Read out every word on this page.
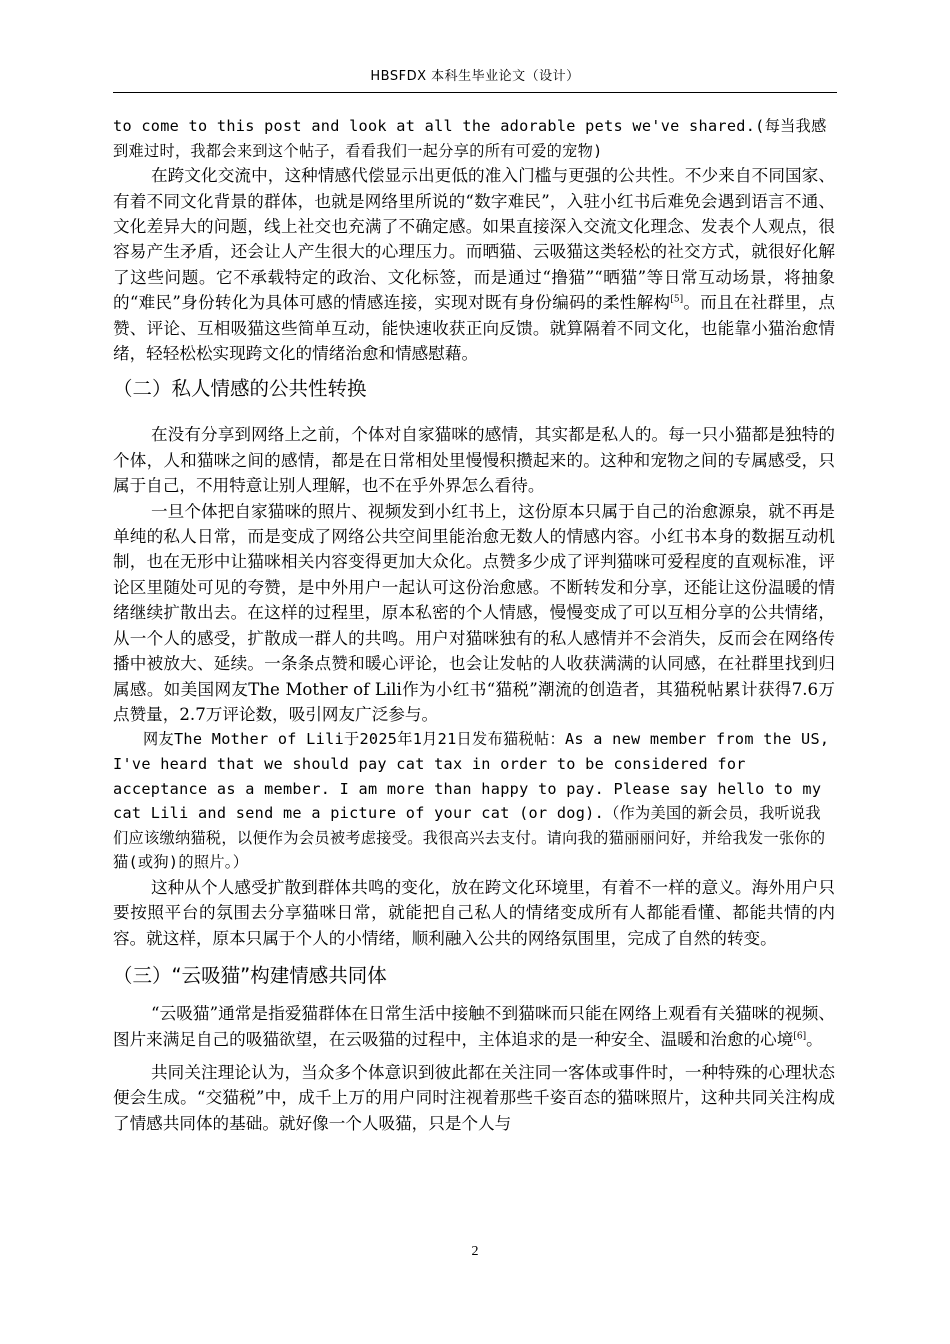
HBSFDX 本科生毕业论文（设计）

to come to this post and look at all the adorable pets we've shared.(每当我感到难过时，我都会来到这个帖子，看看我们一起分享的所有可爱的宠物)

在跨文化交流中，这种情感代偿显示出更低的准入门槛与更强的公共性。不少来自不同国家、有着不同文化背景的群体，也就是网络里所说的“数字难民”，入驻小红书后难免会遇到语言不通、文化差异大的问题，线上社交也充满了不确定感。如果直接深入交流文化理念、发表个人观点，很容易产生矛盾，还会让人产生很大的心理压力。而晒猫、云吸猫这类轻松的社交方式，就很好化解了这些问题。它不承载特定的政治、文化标签，而是通过“撸猫”“晒猫”等日常互动场景，将抽象的“难民”身份转化为具体可感的情感连接，实现对既有身份编码的柔性解构[5]。而且在社群里，点赞、评论、互相吸猫这些简单互动，能快速收获正向反馈。就算隔着不同文化，也能靠小猫治愈情绪，轻轻松松实现跨文化的情绪治愈和情感慰藉。

（二）私人情感的公共性转换

在没有分享到网络上之前，个体对自家猫咪的感情，其实都是私人的。每一只小猫都是独特的个体，人和猫咪之间的感情，都是在日常相处里慢慢积攒起来的。这种和宠物之间的专属感受，只属于自己，不用特意让别人理解，也不在乎外界怎么看待。

一旦个体把自家猫咪的照片、视频发到小红书上，这份原本只属于自己的治愈源泉，就不再是单纯的私人日常，而是变成了网络公共空间里能治愈无数人的情感内容。小红书本身的数据互动机制，也在无形中让猫咪相关内容变得更加大众化。点赞多少成了评判猫咪可爱程度的直观标准，评论区里随处可见的夸赞，是中外用户一起认可这份治愈感。不断转发和分享，还能让这份温暖的情绪继续扩散出去。在这样的过程里，原本私密的个人情感，慢慢变成了可以互相分享的公共情绪，从一个人的感受，扩散成一群人的共鸣。用户对猫咪独有的私人感情并不会消失，反而会在网络传播中被放大、延续。一条条点赞和暖心评论，也会让发帖的人收获满满的认同感，在社群里找到归属感。如美国网友The Mother of Lili作为小红书“猫税”潮流的创造者，其猫税帖累计获得7.6万点赞量，2.7万评论数，吸引网友广泛参与。

网友The Mother of Lili于2025年1月21日发布猫税帖：As a new member from the US, I've heard that we should pay cat tax in order to be considered for acceptance as a member. I am more than happy to pay. Please say hello to my cat Lili and send me a picture of your cat (or dog).（作为美国的新会员，我听说我们应该缴纳猫税，以便作为会员被考虑接受。我很高兴去支付。请向我的猫丽丽问好，并给我发一张你的猫(或狗)的照片。）

这种从个人感受扩散到群体共鸣的变化，放在跨文化环境里，有着不一样的意义。海外用户只要按照平台的氛围去分享猫咪日常，就能把自己私人的情绪变成所有人都能看懂、都能共情的内容。就这样，原本只属于个人的小情绪，顺利融入公共的网络氛围里，完成了自然的转变。

（三）“云吸猫”构建情感共同体

“云吸猫”通常是指爱猫群体在日常生活中接触不到猫咪而只能在网络上观看有关猫咪的视频、图片来满足自己的吸猫欲望，在云吸猫的过程中，主体追求的是一种安全、温暖和治愈的心境[6]。

共同关注理论认为，当众多个体意识到彼此都在关注同一客体或事件时，一种特殊的心理状态便会生成。“交猫税”中，成千上万的用户同时注视着那些千姿百态的猫咪照片，这种共同关注构成了情感共同体的基础。就好像一个人吸猫，只是个人与

2
